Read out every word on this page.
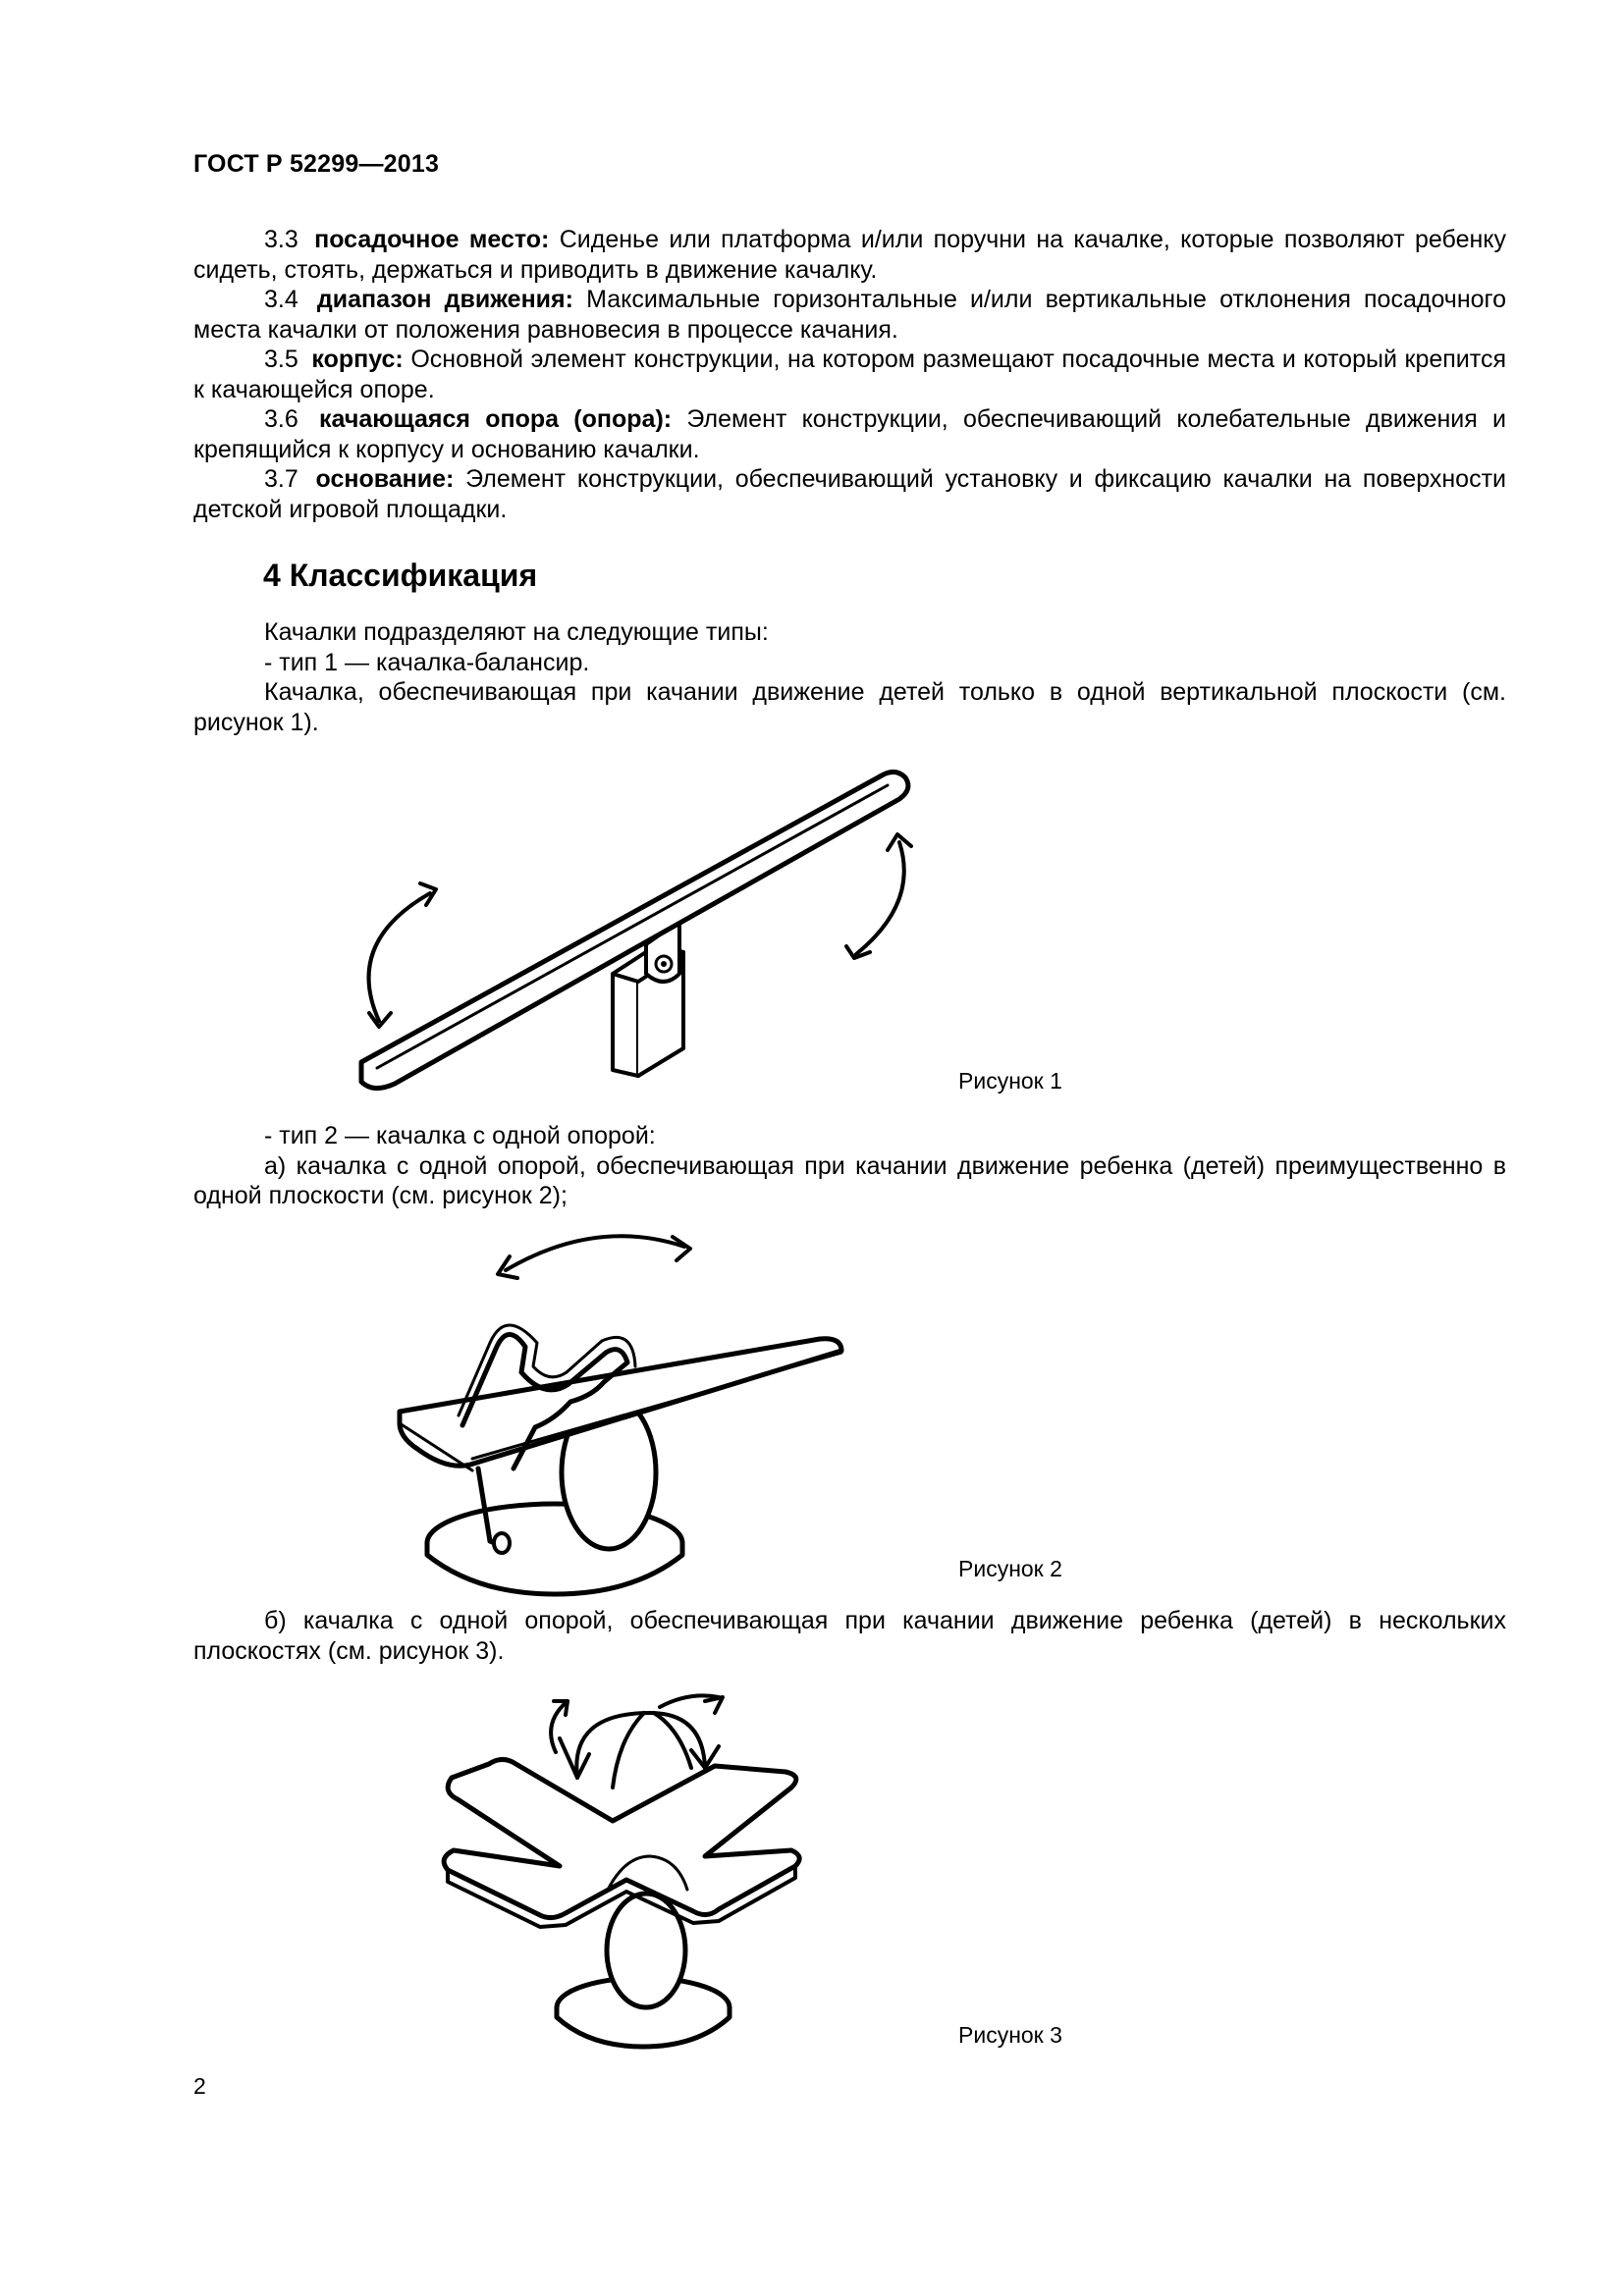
ГОСТ Р 52299—2013
3.3 посадочное место: Сиденье или платформа и/или поручни на качалке, которые позволяют ребенку сидеть, стоять, держаться и приводить в движение качалку.
3.4 диапазон движения: Максимальные горизонтальные и/или вертикальные отклонения посадочного места качалки от положения равновесия в процессе качания.
3.5 корпус: Основной элемент конструкции, на котором размещают посадочные места и который крепится к качающейся опоре.
3.6 качающаяся опора (опора): Элемент конструкции, обеспечивающий колебательные движения и крепящийся к корпусу и основанию качалки.
3.7 основание: Элемент конструкции, обеспечивающий установку и фиксацию качалки на поверхности детской игровой площадки.
4 Классификация
Качалки подразделяют на следующие типы:
- тип 1 — качалка-балансир.
Качалка, обеспечивающая при качании движение детей только в одной вертикальной плоскости (см. рисунок 1).
Рисунок 1
- тип 2 — качалка с одной опорой:
а) качалка с одной опорой, обеспечивающая при качании движение ребенка (детей) преимущественно в одной плоскости (см. рисунок 2);
Рисунок 2
б) качалка с одной опорой, обеспечивающая при качании движение ребенка (детей) в нескольких плоскостях (см. рисунок 3).
Рисунок 3
2
